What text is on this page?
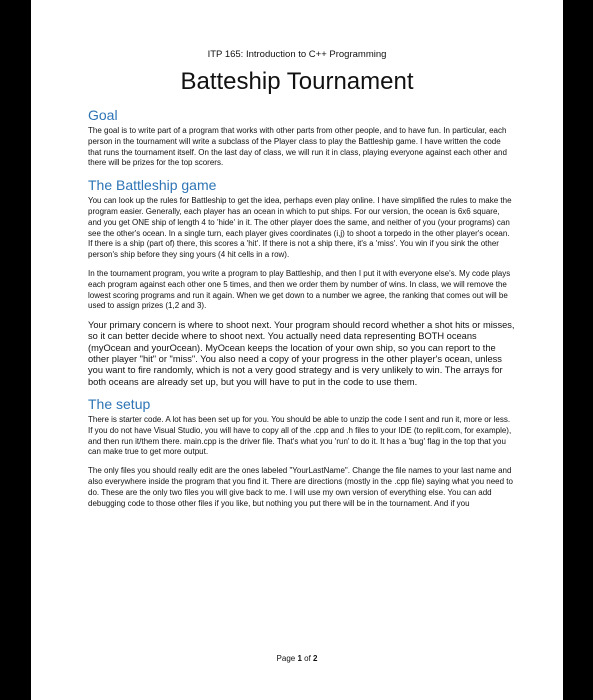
ITP 165: Introduction to C++ Programming

Batteship Tournament
Goal

The goal is to write part of a program that works with other parts from other people, and to have fun. In particular, each person in the tournament will write a subclass of the Player class to play the Battleship game. I have written the code that runs the tournament itself. On the last day of class, we will run it in class, playing everyone against each other and there will be prizes for the top scorers.

The Battleship game

You can look up the rules for Battleship to get the idea, perhaps even play online. I have simplified the rules to make the program easier. Generally, each player has an ocean in which to put ships. For our version, the ocean is 6x6 square, and you get ONE ship of length 4 to 'hide' in it. The other player does the same, and neither of you (your programs) can see the other's ocean. In a single turn, each player gives coordinates (i,j) to shoot a torpedo in the other player's ocean. If there is a ship (part of) there, this scores a 'hit'. If there is not a ship there, it's a 'miss'. You win if you sink the other person's ship before they sing yours (4 hit cells in a row).

In the tournament program, you write a program to play Battleship, and then I put it with everyone else's. My code plays each program against each other one 5 times, and then we order them by number of wins. In class, we will remove the lowest scoring programs and run it again. When we get down to a number we agree, the ranking that comes out will be used to assign prizes (1,2 and 3).

Your primary concern is where to shoot next. Your program should record whether a shot hits or misses, so it can better decide where to shoot next. You actually need data representing BOTH oceans (myOcean and yourOcean). MyOcean keeps the location of your own ship, so you can report to the other player "hit" or "miss". You also need a copy of your progress in the other player's ocean, unless you want to fire randomly, which is not a very good strategy and is very unlikely to win. The arrays for both oceans are already set up, but you will have to put in the code to use them.

The setup

There is starter code. A lot has been set up for you. You should be able to unzip the code I sent and run it, more or less. If you do not have Visual Studio, you will have to copy all of the .cpp and .h files to your IDE (to replit.com, for example), and then run it/them there. main.cpp is the driver file. That's what you 'run' to do it. It has a 'bug' flag in the top that you can make true to get more output.

The only files you should really edit are the ones labeled "YourLastName". Change the file names to your last name and also everywhere inside the program that you find it. There are directions (mostly in the .cpp file) saying what you need to do. These are the only two files you will give back to me. I will use my own version of everything else. You can add debugging code to those other files if you like, but nothing you put there will be in the tournament. And if you

Page 1 of 2
